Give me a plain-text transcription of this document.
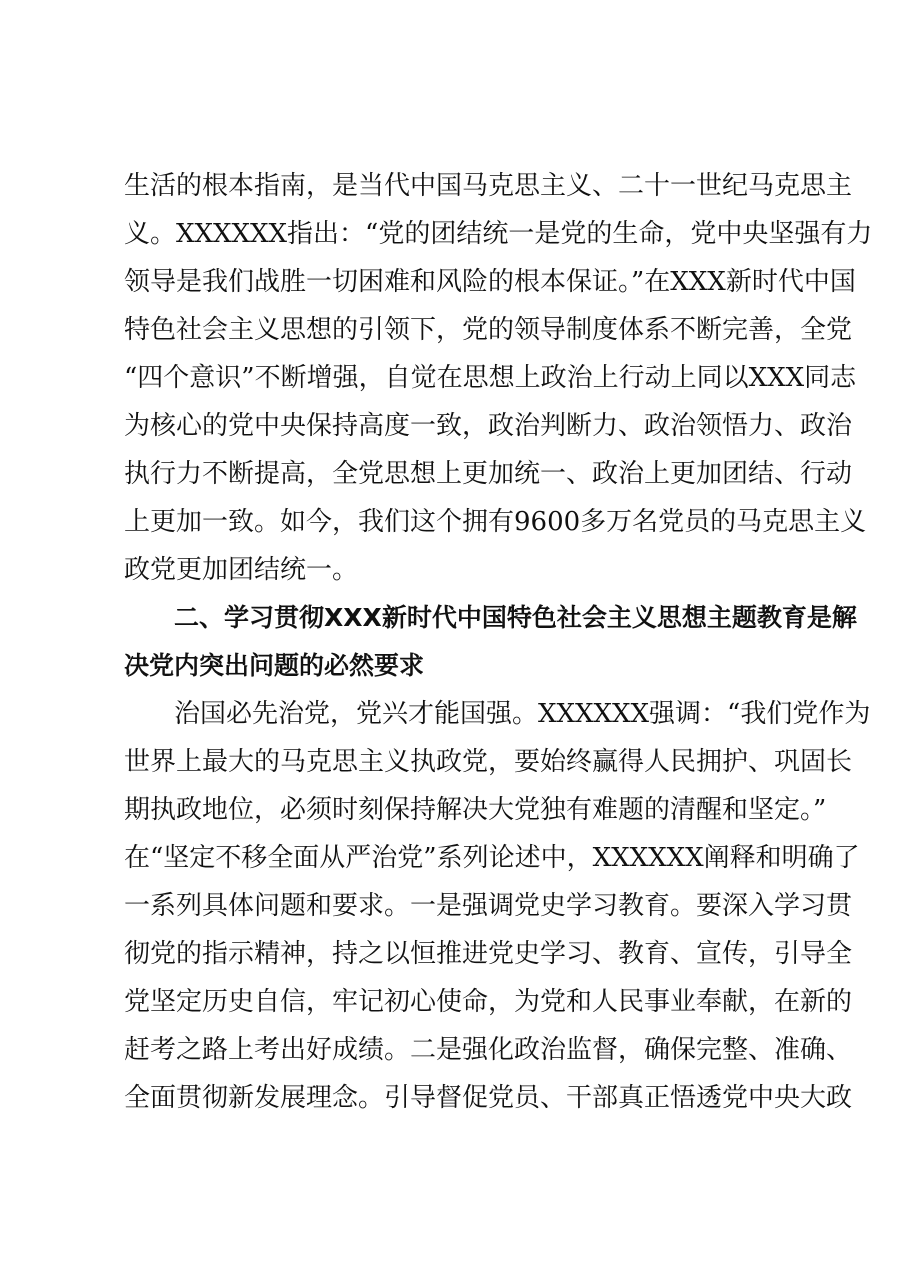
生活的根本指南，是当代中国马克思主义、二十一世纪马克思主
义。XXXXXX指出：“党的团结统一是党的生命，党中央坚强有力
领导是我们战胜一切困难和风险的根本保证。”在XXX新时代中国
特色社会主义思想的引领下，党的领导制度体系不断完善，全党
“四个意识”不断增强，自觉在思想上政治上行动上同以XXX同志
为核心的党中央保持高度一致，政治判断力、政治领悟力、政治
执行力不断提高，全党思想上更加统一、政治上更加团结、行动
上更加一致。如今，我们这个拥有9600多万名党员的马克思主义
政党更加团结统一。
二、学习贯彻XXX新时代中国特色社会主义思想主题教育是解
决党内突出问题的必然要求
治国必先治党，党兴才能国强。XXXXXX强调：“我们党作为
世界上最大的马克思主义执政党，要始终赢得人民拥护、巩固长
期执政地位，必须时刻保持解决大党独有难题的清醒和坚定。”
在“坚定不移全面从严治党”系列论述中，XXXXXX阐释和明确了
一系列具体问题和要求。一是强调党史学习教育。要深入学习贯
彻党的指示精神，持之以恒推进党史学习、教育、宣传，引导全
党坚定历史自信，牢记初心使命，为党和人民事业奉献，在新的
赶考之路上考出好成绩。二是强化政治监督，确保完整、准确、
全面贯彻新发展理念。引导督促党员、干部真正悟透党中央大政
